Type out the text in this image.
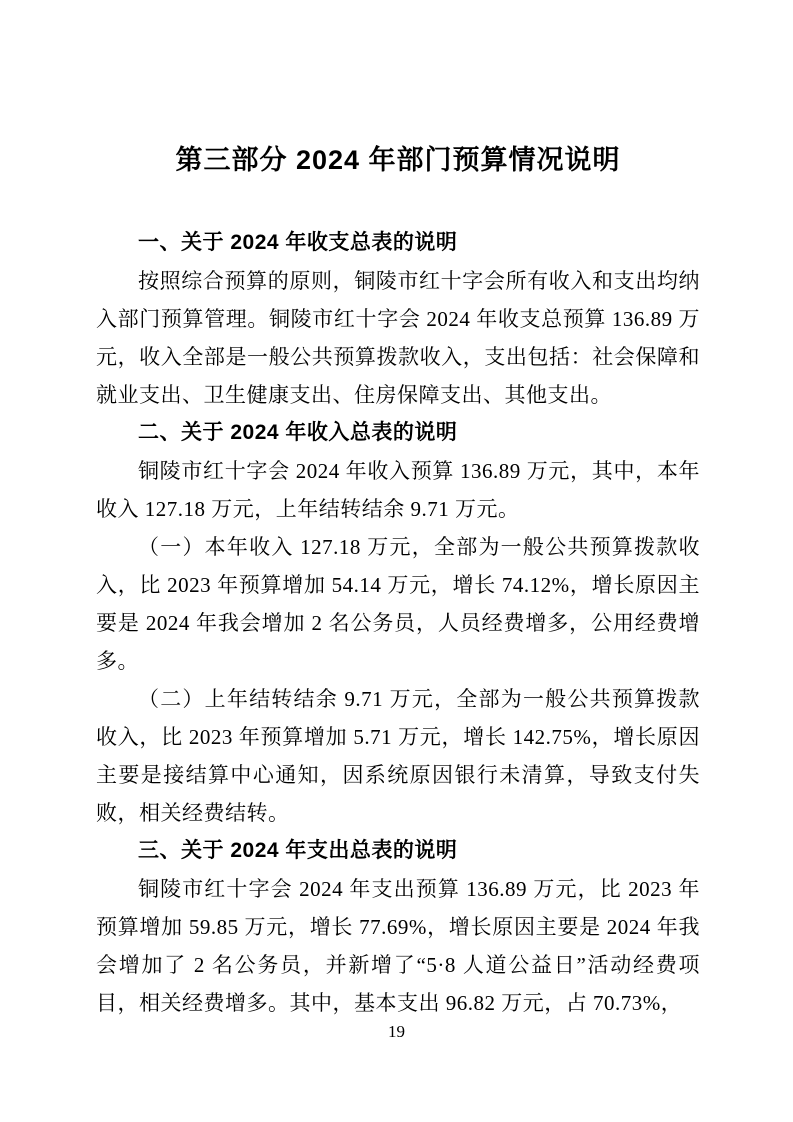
第三部分 2024 年部门预算情况说明

一、关于 2024 年收支总表的说明

按照综合预算的原则，铜陵市红十字会所有收入和支出均纳入部门预算管理。铜陵市红十字会 2024 年收支总预算 136.89 万元，收入全部是一般公共预算拨款收入，支出包括：社会保障和就业支出、卫生健康支出、住房保障支出、其他支出。

二、关于 2024 年收入总表的说明

铜陵市红十字会 2024 年收入预算 136.89 万元，其中，本年收入 127.18 万元，上年结转结余 9.71 万元。

（一）本年收入 127.18 万元，全部为一般公共预算拨款收入，比 2023 年预算增加 54.14 万元，增长 74.12%，增长原因主要是 2024 年我会增加 2 名公务员，人员经费增多，公用经费增多。

（二）上年结转结余 9.71 万元，全部为一般公共预算拨款收入，比 2023 年预算增加 5.71 万元，增长 142.75%，增长原因主要是接结算中心通知，因系统原因银行未清算，导致支付失败，相关经费结转。

三、关于 2024 年支出总表的说明

铜陵市红十字会 2024 年支出预算 136.89 万元，比 2023 年预算增加 59.85 万元，增长 77.69%，增长原因主要是 2024 年我会增加了 2 名公务员，并新增了“5·8 人道公益日”活动经费项目，相关经费增多。其中，基本支出 96.82 万元，占 70.73%，

19
